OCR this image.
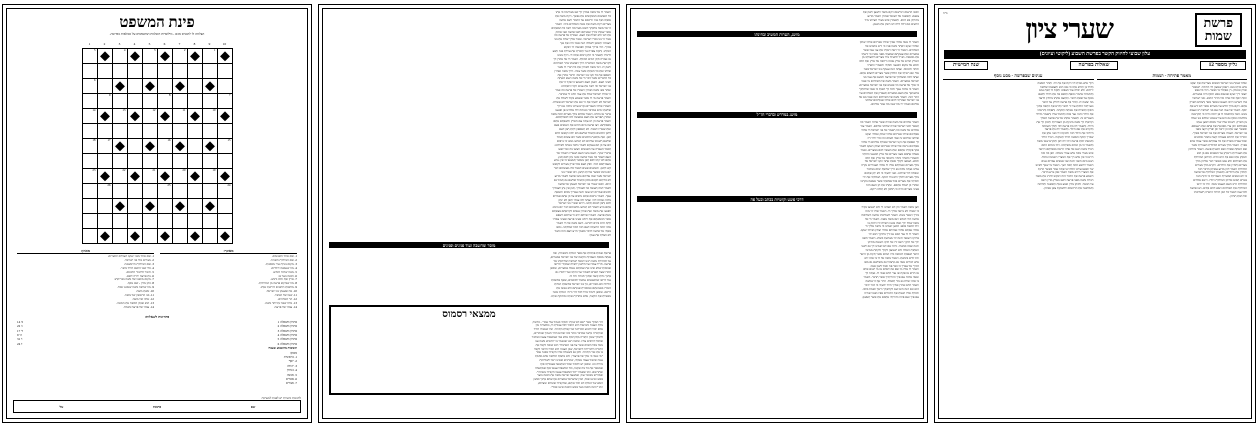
פינת המשפט
הצלחה לו להכניס מכם - מילואיות השלמת המשפטים על טבלאות בפרשה.
10	9	8	7	6	5	4	3	2	1

	1		2		3		4		5

									6

7				8				9	

	10		11		12		13		14

15				16				17	18

	19		20		21		22		23

24				25				26	

מאונך:
1. שם אחד השבטים.
2. שם המילדת השניה.
3. מקום בניית ערי מסכנות.
4. מה שנעשה לילדים.
5. מטה שהיה לנחש.
6. הסנה בער בו.
7. ארץ זבת חלב ודבש.
8. מה שביקש פרעה מן המילדות.
9. מלאכת הלבנים דורשת אותו.
10. מה שצעקו בני ישראל.
11. שמו של הגואל.
12. הר האלהים.
13. מדה שבה נתייחד משה.
14. עבדו של פרעה.
מאוזן:
1. שם אחד מבני יעקב העולים למצרים.
2. מצרים מול בני ישראל.
3. שם המילדת הראשונה.
4. כלי שבו הושם הילד ביאר.
5. חומר לחיבור הלבנים.
6. בת פרעה ירדה לשם.
7. מקום מושבו של משה בבריחתו.
8. כהן מדין - שם נוסף.
9. מה שראה משה שאיננו אכל.
10. אשת משה.
11. בנו הראשון של משה.
12. אחיו של משה.
13. הוא שנתן למשה את המטה.
14. עבדו של פרעה בשדה.
פתרונות לשאלות:
פתרון משאלה 1
ב' 14
פתרון משאלה 2
ג' 22
פתרון משאלה 3
ד' 17
פתרון משאלה 4
ה' 9
פתרון משאלה 5
ו' 31
פתרון משאלה 6
ז' 24
תשובות מהשבוע שעבר:
מאוזן:
1. בראשית
2. יוסף
3. יהודה
4. בנימין
5. מנשה
6. אפרים
7. מצרים
לתגובות והערות יש לפנות למערכת
שם
כתובת
טל'
ויאמר ה' אל משה במדין לך שב מצרימה כי מתו
כל האנשים המבקשים את נפשך. ויקח משה את
אשתו ואת בניו וירכבם על החמר וישב ארצה
מצרים ויקח משה את מטה האלהים בידו. ויאמר
ה' אל משה בלכתך לשוב מצרימה ראה כל המפתים
אשר שמתי בידך ועשיתם לפני פרעה ואני אחזק
את לבו ולא ישלח את העם. ואמרת אל פרעה כה
אמר ה' בני בכרי ישראל. ואמר אליך שלח את בני
ויעבדני ותמאן לשלחו הנה אנכי הרג את בנך
בכרך. ויהי בדרך במלון ויפגשהו ה' ויבקש
המיתו. ותקח צפרה צר ותכרת את ערלת בנה ותגע
לרגליו ותאמר כי חתן דמים אתה לי. וירף ממנו
אז אמרה חתן דמים למולת. ויאמר ה' אל אהרן לך
לקראת משה המדברה וילך ויפגשהו בהר האלהים
וישק לו. ויגד משה לאהרן את כל דברי ה' אשר
שלחו ואת כל האתת אשר צוהו. וילך משה ואהרן
ויאספו את כל זקני בני ישראל. וידבר אהרן את
כל הדברים אשר דבר ה' אל משה ויעש האתת
לעיני העם. ויאמן העם וישמעו כי פקד ה' את
בני ישראל וכי ראה את ענים ויקדו וישתחוו.
ואחר באו משה ואהרן ויאמרו אל פרעה כה אמר
ה' אלהי ישראל שלח את עמי ויחגו לי במדבר.
ויאמר פרעה מי ה' אשר אשמע בקלו לשלח את
ישראל לא ידעתי את ה' וגם את ישראל לא אשלח.
ויאמרו אלהי העברים נקרא עלינו נלכה נא דרך
שלשת ימים במדבר ונזבחה לה' אלהינו פן יפגענו
בדבר או בחרב. ויאמר אלהם מלך מצרים למה משה
ואהרן תפריעו את העם ממעשיו לכו לסבלתיכם.
ויאמר פרעה הן רב עתה עם הארץ והשבתם אתם
מסבלתם. ויצו פרעה ביום ההוא את הנגשים בעם
ואת שטריו לאמר. לא תאספון לתת תבן לעם
ללבן הלבנים כתמול שלשם הם ילכו וקששו להם
תבן. ואת מתכנת הלבנים אשר הם עשים תמול
שלשם תשימו עליהם לא תגרעו ממנו כי נרפים
הם על כן הם צעקים לאמר נלכה נזבחה לאלהינו.
תכבד העבדה על האנשים ויעשו בה ואל ישעו
בדברי שקר. ויצאו נגשי העם ושטריו ויאמרו אל
העם לאמר כה אמר פרעה אינני נתן לכם תבן.
אתם לכו קחו לכם תבן מאשר תמצאו כי אין נגרע
מעבדתכם דבר. ויפץ העם בכל ארץ מצרים לקשש
קש לתבן. והנגשים אצים לאמר כלו מעשיכם דבר
יום ביומו כאשר בהיות התבן. ויכו שטרי בני
ישראל אשר שמו עליהם נגשי פרעה לאמר מדוע
לא כליתם חקכם בלבן כתמול שלשם גם תמול גם
היום. ויבאו שטרי בני ישראל ויצעקו אל פרעה
לאמר למה תעשה כה לעבדיך. תבן אין נתן לעבדיך
ולבנים אמרים לנו עשו והנה עבדיך מכים וחטאת
עמך. ויאמר נרפים אתם נרפים על כן אתם אמרים
נלכה נזבחה לה'. ועתה לכו עבדו ותבן לא ינתן
לכם ותכן לבנים תתנו. ויראו שטרי בני ישראל
אתם ברע לאמר לא תגרעו מלבניכם דבר יום ביומו.
ויפגעו את משה ואת אהרן נצבים לקראתם בצאתם
מאת פרעה. ויאמרו אלהם ירא ה' עליכם וישפט
אשר הבאשתם את ריחנו בעיני פרעה ובעיני עבדיו
לתת חרב בידם להרגנו. וישב משה אל ה' ויאמר
אדני למה הרעתה לעם הזה למה שלחתני. ומאז
באתי אל פרעה לדבר בשמך הרע לעם הזה והצל
לא הצלת את עמך.
מוסר ומחשבה ועוד פנינים ופנינים
פרשת שמות פותחת את ספר הגלות והגאולה, ובה
נפתח מסכת העבדות הקשה של בני ישראל במצרים,
עד לבחירת משה רבנו לגואל ישראל ושליחותו אל
פרעה. חז"ל עמדו על הלשון "ואלה שמות" ודרשו
שבזכות שלא שינו את שמותם נגאלו ממצרים, ומכאן
למדו שעל האדם לשמור על זהותו ועל ייחודו גם
בתוך גלות קשה ובתוך חברה זרה לו.
עוד דרשו שהשבטים נמשלו לכוכבים, שאף בחשכת
הלילה הם מאירים, כך בני ישראל בחשכת הגלות
האירו באמונתם ובמסורת אבותם ולא נטשו את
דרכם. ומכאן לימוד גדול לכל דור ודור: הגלות אינה
מבטלת את הקשר, אלא מחדדת אותו ומחזקת אותו.
ממצאי רסמוס
דוד המלך אמר "אם לא שויתי ודמתי כגמול עלי אמו" - כלומר,
מדת הענוה והביטול היא היסוד לכל עבודת ה', ובלעדיה אין
אדם יכול להגיע למדרגה של קבלת התורה. וזהו שאמרו חז"ל
שהתורה ניתנה במדבר ובהר סיני שהוא ההר הנמוך שבהרים,
ללמדך שאין התורה מתקיימת אלא במי שמשפיל עצמו כמדבר
שהכל דורסים עליו. ומשה רבנו שנאמר בו "והאיש משה ענו
מאד מכל האדם אשר על פני האדמה" הוא שזכה לקבל את
התורה ולהורידה לישראל, שכן הענוה היא הכלי הראוי לקבל
בו את אור התורה. ולכן גם כשנגלה אליו הקב"ה בסנה אמר
"מי אנכי כי אלך אל פרעה", ולא מחמת חולשה אלא מחמת
ענוה וביטול עצמי אמיתי, שהרגיש שאינו ראוי לשליחות
גדולה כזו. ומכאן יש ללמוד שכל המתגאה בעבודתו סוף
שמאבד את כל מה שקנה, וכל המשפיל עצמו סוף שמתעלה
ומתרומם. וזהו שאמרו "כל המשפיל עצמו הקב"ה מגביהו".
ובמדרש מבואר עוד, שבשעה שראה משה את הסנה בוער
באש ואיננו אכל, הבין שישראל במצרים אף שהם בתוך כבשן
האש של הגלות לא יכלו אותם, שהקב"ה שומרם ומצילם,
וזהו "והנה הסנה בער באש והסנה איננו אכל".
ויבאו הרעים ויגרשום ויקם משה ויושען וישק את
צאנם. ותבאנה אל רעואל אביהן ויאמר מדוע
מהרתן בא היום. ותאמרן איש מצרי הצילנו מיד
הרעים וגם דלה דלה לנו וישק את הצאן.
מושג, הערות המשיב ובחינתו
ויאמר ה' אנכי אלהי אביך אלהי אברהם אלהי יצחק
ואלהי יעקב ויסתר משה פניו כי ירא מהביט אל
האלהים. ויאמר ה' ראה ראיתי את עני עמי אשר
במצרים ואת צעקתם שמעתי מפני נגשיו כי ידעתי
את מכאביו. וארד להצילו מיד מצרים ולהעלתו מן
הארץ ההיא אל ארץ טובה ורחבה אל ארץ זבת חלב
ודבש אל מקום הכנעני והחתי והאמרי והפרזי
והחוי והיבוסי. ועתה הנה צעקת בני ישראל באה
אלי וגם ראיתי את הלחץ אשר מצרים לחצים אתם.
ועתה לכה ואשלחך אל פרעה והוצא את עמי בני
ישראל ממצרים. ויאמר משה אל האלהים מי אנכי
כי אלך אל פרעה וכי אוציא את בני ישראל ממצרים.
ויאמר כי אהיה עמך והיה לך האות כי אנכי שלחתיך
בהוציאך את העם ממצרים תעבדון את האלהים על
ההר הזה. ויאמר משה אל האלהים הנה אנכי בא אל
בני ישראל ואמרתי להם אלהי אבותיכם שלחני
אליכם ואמרו לי מה שמו מה אמר אליהם.
מושג במדרש ובדברי חז"ל
ויאמר אלהים אל משה אהיה אשר אהיה ויאמר כה
תאמר לבני ישראל אהיה שלחני אליכם. ויאמר עוד
אלהים אל משה כה תאמר אל בני ישראל ה' אלהי
אבתיכם אלהי אברהם אלהי יצחק ואלהי יעקב
שלחני אליכם זה שמי לעלם וזה זכרי לדר דר.
לך ואספת את זקני ישראל ואמרת אליהם ה' אלהי
אבתיכם נראה אלי אלהי אברהם יצחק ויעקב לאמר
פקד פקדתי אתכם ואת העשוי לכם במצרים. ואמר
אעלה אתכם מעני מצרים אל ארץ הכנעני והחתי
והאמרי והפרזי והחוי והיבוסי אל ארץ זבת חלב
ודבש. ושמעו לקלך ובאת אתה וזקני ישראל אל
מלך מצרים ואמרתם אליו ה' אלהי העבריים נקרה
עלינו ועתה נלכה נא דרך שלשת ימים במדבר
ונזבחה לה' אלהינו. ואני ידעתי כי לא יתן אתכם
מלך מצרים להלך ולא ביד חזקה. ושלחתי את ידי
והכיתי את מצרים בכל נפלאתי אשר אעשה בקרבו
ואחרי כן ישלח אתכם. ונתתי את חן העם הזה
בעיני מצרים והיה כי תלכון לא תלכו ריקם.
דרכי פשט וקושיות בכתב ובעל פה
ויען משה ויאמר והן לא יאמינו לי ולא ישמעו בקלי
כי יאמרו לא נראה אליך ה'. ויאמר אליו ה' מזה
בידך ויאמר מטה. ויאמר השליכהו ארצה וישליכהו
ארצה ויהי לנחש וינס משה מפניו. ויאמר ה' אל
משה שלח ידך ואחז בזנבו וישלח ידו ויחזק בו
ויהי למטה בכפו. למען יאמינו כי נראה אליך ה'
אלהי אבתם אלהי אברהם אלהי יצחק ואלהי יעקב.
ויאמר ה' לו עוד הבא נא ידך בחיקך ויבא ידו
בחיקו ויוצאה והנה ידו מצרעת כשלג. ויאמר השב
ידך אל חיקך וישב ידו אל חיקו ויוצאה מחיקו
והנה שבה כבשרו. והיה אם לא יאמינו לך גם לשני
האתות האלה ולא ישמעון לקלך ולקחת ממימי
היאר ושפכת היבשה והיו המים אשר תקח מן היאר
והיו לדם ביבשת. ויאמר משה אל ה' בי אדני לא
איש דברים אנכי גם מתמול גם משלשם גם מאז
דברך אל עבדך כי כבד פה וכבד לשון אנכי.
ויאמר ה' אליו מי שם פה לאדם או מי ישום אלם
או חרש או פקח או עור הלא אנכי ה'. ועתה לך
ואנכי אהיה עם פיך והוריתיך אשר תדבר. ויאמר
בי אדני שלח נא ביד תשלח. ויחר אף ה' במשה
ויאמר הלא אהרן אחיך הלוי ידעתי כי דבר ידבר
הוא וגם הנה הוא יצא לקראתך וראך ושמח בלבו.
ודברת אליו ושמת את הדברים בפיו ואנכי אהיה
עם פיך ועם פיהו והוריתי אתכם את אשר תעשון.
ב"ה
פרשת
שמות
שערי ציון
עלון שבועי לחיזוק הקשר בפרשת השבוע (ליקוטי ועיונים)
גליון מספר 12
שאלות בפרשה
שנה חמישית
מאמר פתיחה - ושמות
ואלה שמות בני ישראל הבאים מצרימה את יעקב
איש וביתו באו. ראובן שמעון לוי ויהודה. יששכר
זבולן ובנימין. דן ונפתלי גד ואשר. ויהי כל נפש
יוצאי ירך יעקב שבעים נפש ויוסף היה במצרים.
וימת יוסף וכל אחיו וכל הדור ההוא. ובני ישראל
פרו וישרצו וירבו ויעצמו במאד מאד ותמלא הארץ
אתם. ויקם מלך חדש על מצרים אשר לא ידע את
יוסף. ויאמר אל עמו הנה עם בני ישראל רב ועצום
ממנו. הבה נתחכמה לו פן ירבה והיה כי תקראנה
מלחמה ונוסף גם הוא על שנאינו ונלחם בנו ועלה
מן הארץ. וישימו עליו שרי מסים למען ענתו
בסבלתם ויבן ערי מסכנות את פתם ואת רעמסס.
וכאשר יענו אתו כן ירבה וכן יפרץ ויקצו מפני
בני ישראל. ויעבדו מצרים את בני ישראל בפרך.
וימררו את חייהם בעבדה קשה בחמר ובלבנים
ובכל עבדה בשדה את כל עבדתם אשר עבדו בהם
בפרך. ויאמר מלך מצרים למילדת העברית אשר
שם האחת שפרה ושם השנית פועה. ויאמר בילדכן
את העבריות וראיתן על האבנים אם בן הוא
והמתן אתו ואם בת היא וחיה. ותיראן המילדת
את האלהים ולא עשו כאשר דבר אליהן מלך
מצרים ותחיין את הילדים. ויקרא מלך מצרים
למילדת ויאמר להן מדוע עשיתן הדבר הזה
ותחיין את הילדים. ותאמרן המילדת אל פרעה
כי לא כנשים המצרית העבריות כי חיות הנה
בטרם תבוא אליהן המילדת וילדו. וייטב אלהים
למילדת וירב העם ויעצמו מאד. ויהי כי יראו
המילדת את האלהים ויעש להם בתים. ויצו פרעה
לכל עמו לאמר כל הבן הילוד היארה תשליכהו
וכל הבת תחיון.
ענינים שבפרשה - מבט נוסף
וילך איש מבית לוי ויקח את בת לוי. ותהר האשה
ותלד בן ותרא אתו כי טוב הוא ותצפנהו שלשה
ירחים. ולא יכלה עוד הצפינו ותקח לו תבת גמא
ותחמרה בחמר ובזפת ותשם בה את הילד ותשם
בסוף על שפת היאר. ותתצב אחתו מרחק לדעה
מה יעשה לו. ותרד בת פרעה לרחץ על היאר
ונערתיה הלכת על יד היאר ותרא את התבה בתוך
הסוף ותשלח את אמתה ותקחה. ותפתח ותראהו
את הילד והנה נער בכה ותחמל עליו ותאמר מילדי
העברים זה. ותאמר אחתו אל בת פרעה האלך
וקראתי לך אשה מינקת מן העבריות ותינק לך את
הילד. ותאמר לה בת פרעה לכי ותלך העלמה
ותקרא את אם הילד. ותאמר לה בת פרעה
היליכי את הילד הזה והינקהו לי ואני אתן את
שכרך ותקח האשה הילד ותניקהו. ויגדל הילד
ותבאהו לבת פרעה ויהי לה לבן ותקרא שמו משה
ותאמר כי מן המים משיתהו. ויהי בימים ההם
ויגדל משה ויצא אל אחיו ויראה בסבלתם ויראה
איש מצרי מכה איש עברי מאחיו. ויפן כה וכה
וירא כי אין איש ויך את המצרי ויטמנהו בחול.
ויצא ביום השני והנה שני אנשים עברים נצים
ויאמר לרשע למה תכה רעך. ויאמר מי שמך לאיש
שר ושפט עלינו הלהרגני אתה אמר כאשר הרגת
את המצרי ויירא משה ויאמר אכן נודע הדבר.
וישמע פרעה את הדבר הזה ויבקש להרג את משה
ויברח משה מפני פרעה וישב בארץ מדין וישב
על הבאר. ולכהן מדין שבע בנות ותבאנה ותדלנה
ותמלאנה את הרהטים להשקות צאן אביהן.
